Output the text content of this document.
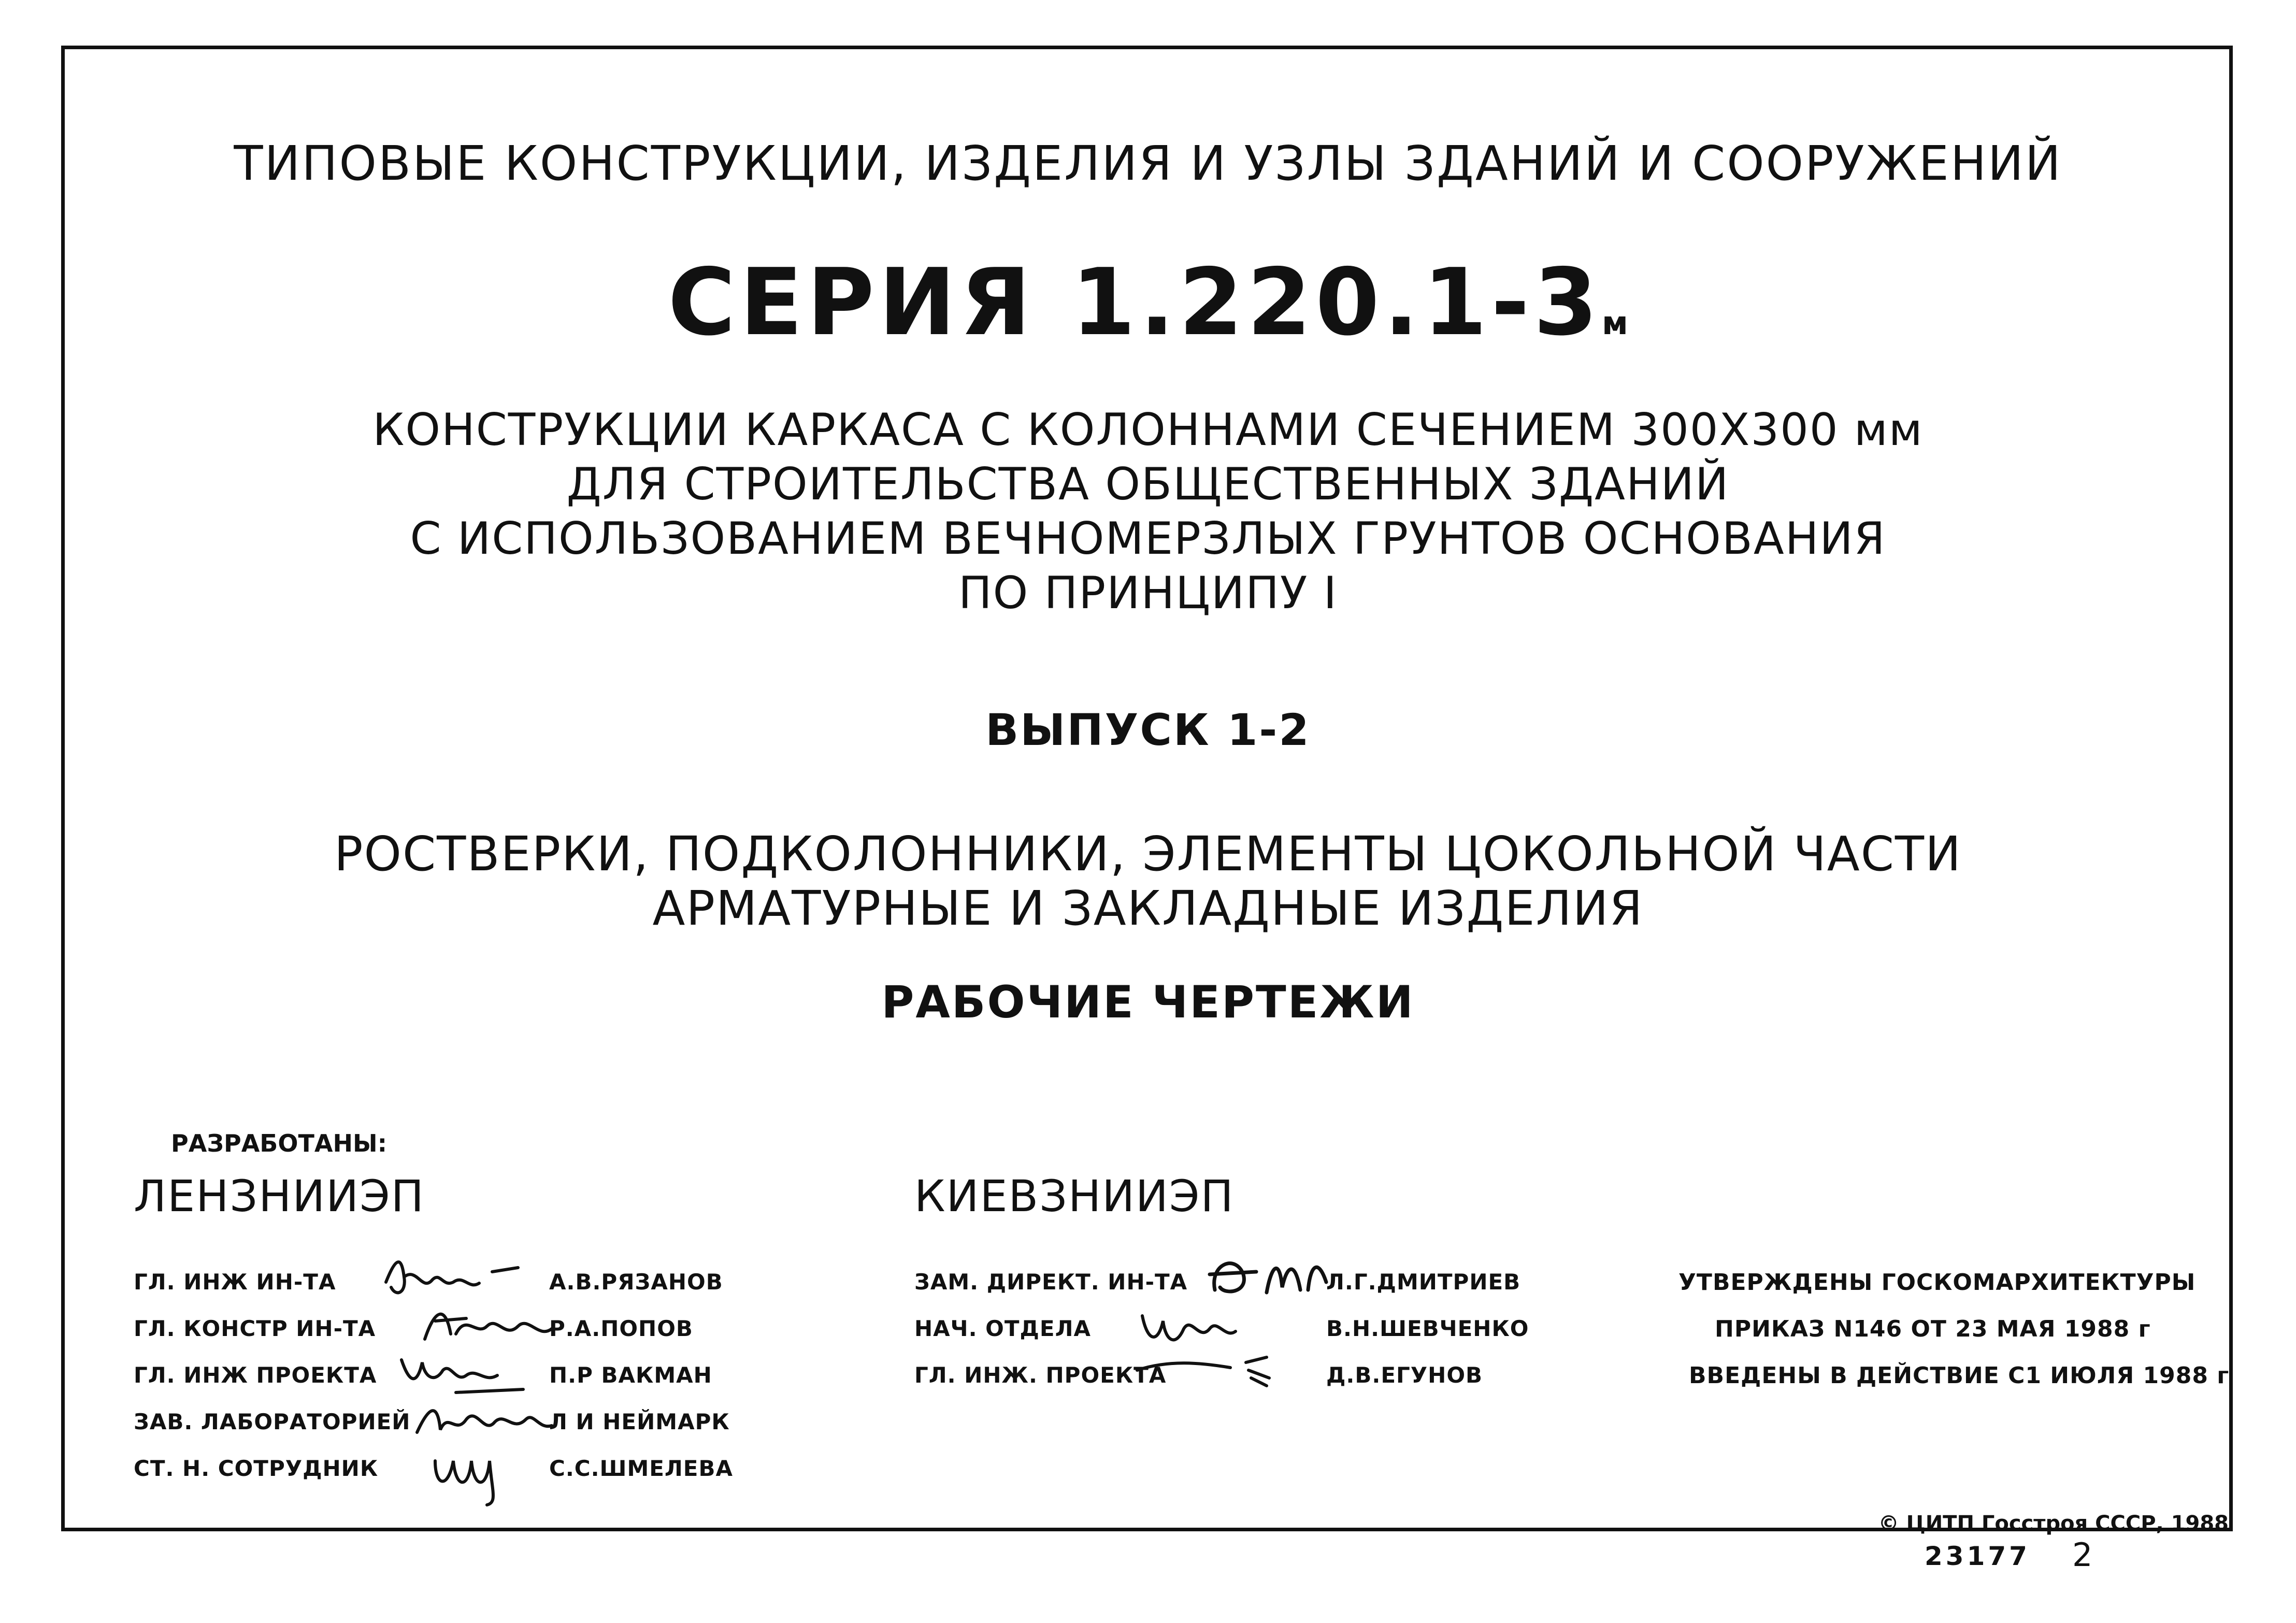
ТИПОВЫЕ КОНСТРУКЦИИ, ИЗДЕЛИЯ И УЗЛЫ ЗДАНИЙ И СООРУЖЕНИЙ
СЕРИЯ 1.220.1-3м
КОНСТРУКЦИИ КАРКАСА С КОЛОННАМИ СЕЧЕНИЕМ 300Х300 мм
ДЛЯ СТРОИТЕЛЬСТВА ОБЩЕСТВЕННЫХ ЗДАНИЙ
С ИСПОЛЬЗОВАНИЕМ ВЕЧНОМЕРЗЛЫХ ГРУНТОВ ОСНОВАНИЯ
ПО ПРИНЦИПУ I
ВЫПУСК 1-2
РОСТВЕРКИ, ПОДКОЛОННИКИ, ЭЛЕМЕНТЫ ЦОКОЛЬНОЙ ЧАСТИ
АРМАТУРНЫЕ И ЗАКЛАДНЫЕ ИЗДЕЛИЯ
РАБОЧИЕ ЧЕРТЕЖИ
РАЗРАБОТАНЫ:
ЛЕНЗНИИЭП	КИЕВЗНИИЭП
ГЛ. ИНЖ ИН-ТА	А.В.РЯЗАНОВ
ГЛ. КОНСТР ИН-ТА	Р.А.ПОПОВ
ГЛ. ИНЖ ПРОЕКТА	П.Р ВАКМАН
ЗАВ. ЛАБОРАТОРИЕЙ	Л И НЕЙМАРК
СТ. Н. СОТРУДНИК	С.С.ШМЕЛЕВА
ЗАМ. ДИРЕКТ. ИН-ТА	Л.Г.ДМИТРИЕВ
НАЧ. ОТДЕЛА	В.Н.ШЕВЧЕНКО
ГЛ. ИНЖ. ПРОЕКТА	Д.В.ЕГУНОВ
УТВЕРЖДЕНЫ ГОСКОМАРХИТЕКТУРЫ
ПРИКАЗ N146 ОТ 23 МАЯ 1988 г
ВВЕДЕНЫ В ДЕЙСТВИЕ С1 ИЮЛЯ 1988 г
© ЦИТП Госстроя СССР, 1988
23177 2
